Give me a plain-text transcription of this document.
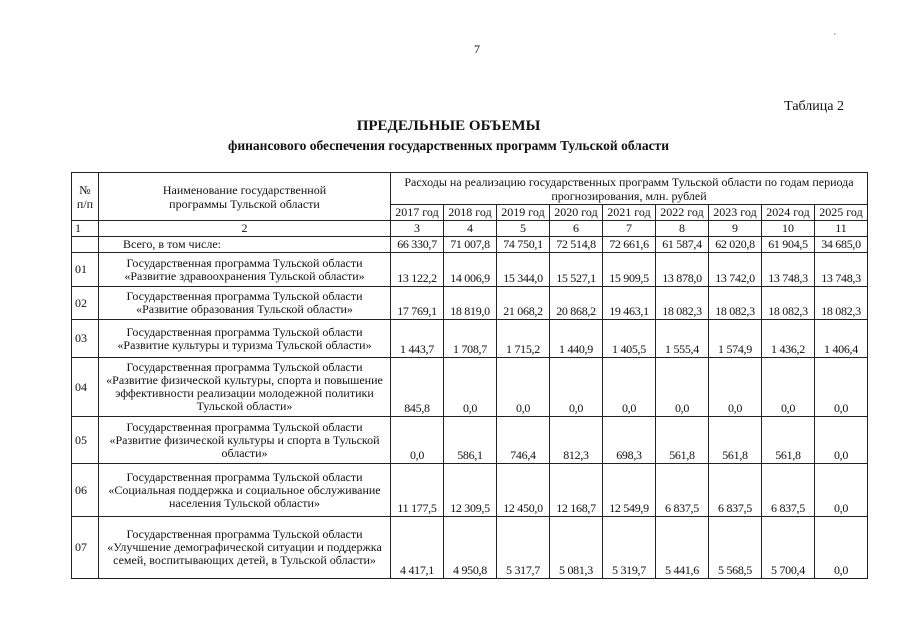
7
ˊ
Таблица 2
ПРЕДЕЛЬНЫЕ ОБЪЕМЫ
финансового обеспечения государственных программ Тульской области
№ п/п	Наименование государственной программы Тульской области	Расходы на реализацию государственных программ Тульской области по годам периода прогнозирования, млн. рублей								
		2017 год	2018 год	2019 год	2020 год	2021 год	2022 год	2023 год	2024 год	2025 год
1	2	3	4	5	6	7	8	9	10	11
	Всего, в том числе:	66 330,7	71 007,8	74 750,1	72 514,8	72 661,6	61 587,4	62 020,8	61 904,5	34 685,0
01	Государственная программа Тульской области «Развитие здравоохранения Тульской области»	13 122,2	14 006,9	15 344,0	15 527,1	15 909,5	13 878,0	13 742,0	13 748,3	13 748,3
02	Государственная программа Тульской области «Развитие образования Тульской области»	17 769,1	18 819,0	21 068,2	20 868,2	19 463,1	18 082,3	18 082,3	18 082,3	18 082,3
03	Государственная программа Тульской области «Развитие культуры и туризма Тульской области»	1 443,7	1 708,7	1 715,2	1 440,9	1 405,5	1 555,4	1 574,9	1 436,2	1 406,4
04	Государственная программа Тульской области «Развитие физической культуры, спорта и повышение эффективности реализации молодежной политики Тульской области»	845,8	0,0	0,0	0,0	0,0	0,0	0,0	0,0	0,0
05	Государственная программа Тульской области «Развитие физической культуры и спорта в Тульской области»	0,0	586,1	746,4	812,3	698,3	561,8	561,8	561,8	0,0
06	Государственная программа Тульской области «Социальная поддержка и социальное обслуживание населения Тульской области»	11 177,5	12 309,5	12 450,0	12 168,7	12 549,9	6 837,5	6 837,5	6 837,5	0,0
07	Государственная программа Тульской области «Улучшение демографической ситуации и поддержка семей, воспитывающих детей, в Тульской области»	4 417,1	4 950,8	5 317,7	5 081,3	5 319,7	5 441,6	5 568,5	5 700,4	0,0
